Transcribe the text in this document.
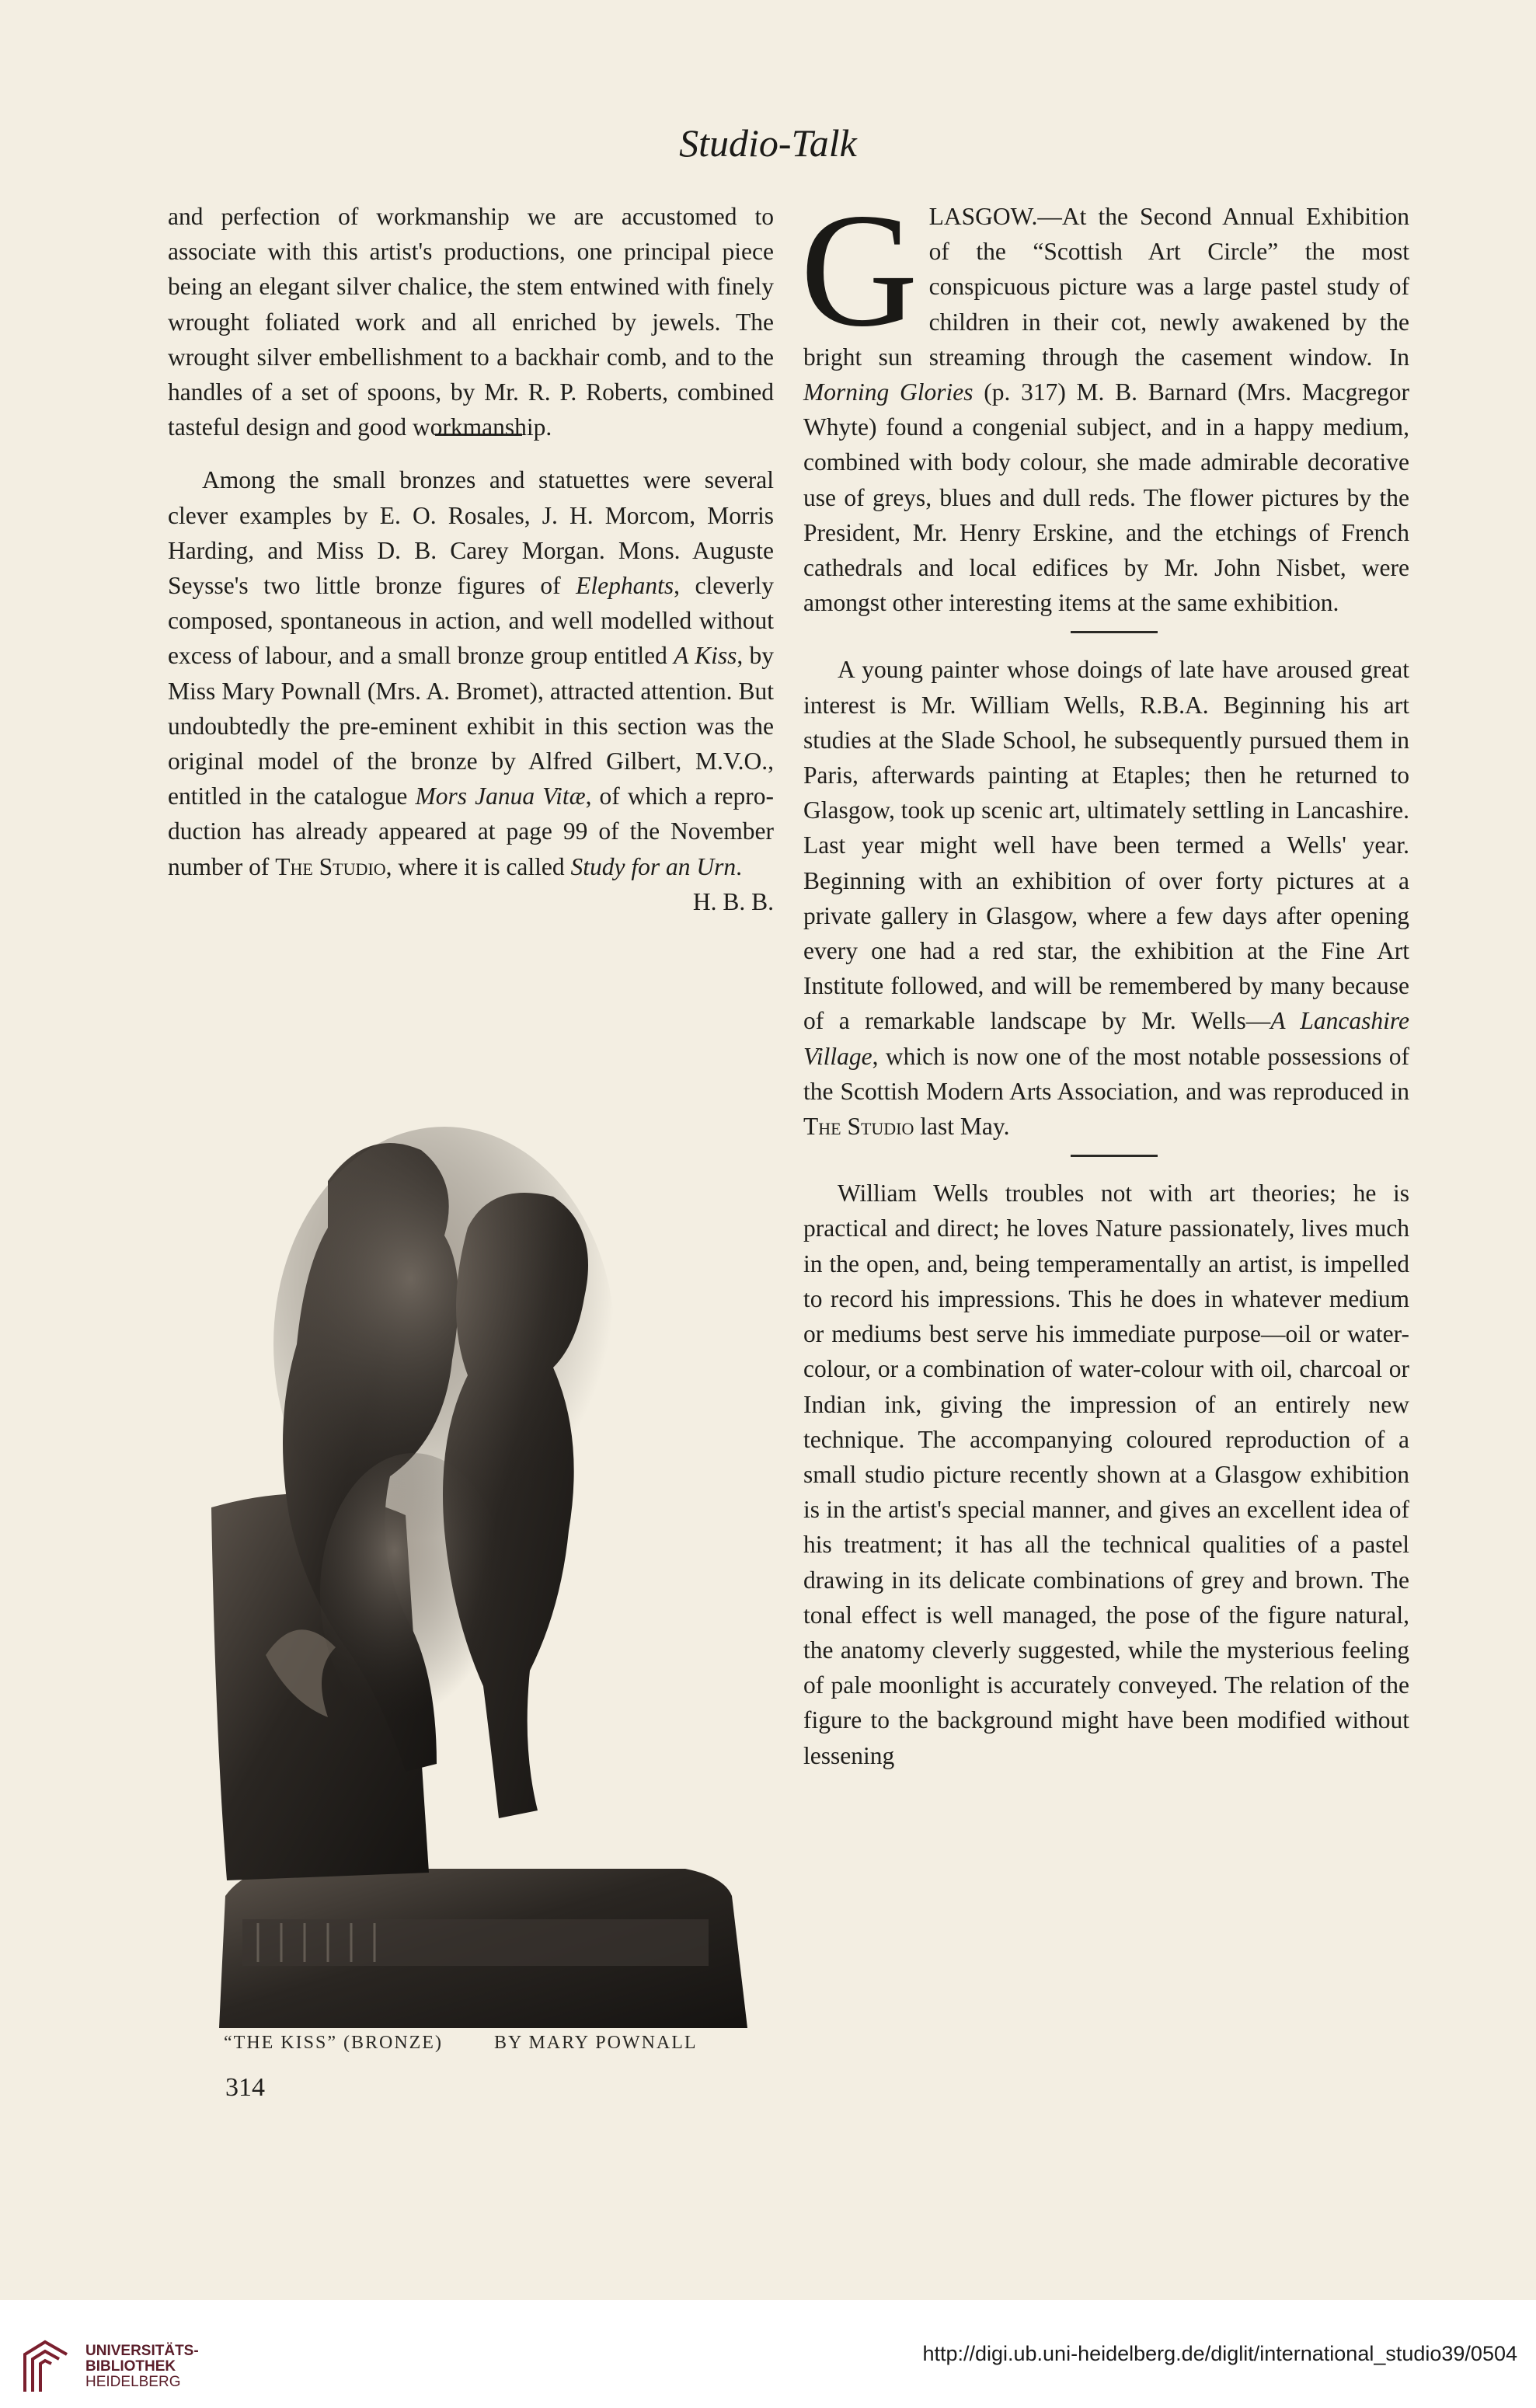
Studio-Talk

and perfection of workmanship we are accustomed to associate with this artist's productions, one principal piece being an elegant silver chalice, the stem entwined with finely wrought foliated work and all enriched by jewels. The wrought silver embellishment to a backhair comb, and to the handles of a set of spoons, by Mr. R. P. Roberts, combined tasteful design and good workmanship.

Among the small bronzes and statuettes were several clever examples by E. O. Rosales, J. H. Morcom, Morris Harding, and Miss D. B. Carey Morgan. Mons. Auguste Seysse's two little bronze figures of Elephants, cleverly composed, spontaneous in action, and well modelled without excess of labour, and a small bronze group entitled A Kiss, by Miss Mary Pownall (Mrs. A. Bromet), attracted attention. But undoubtedly the pre-eminent exhibit in this section was the original model of the bronze by Alfred Gilbert, M.V.O., entitled in the catalogue Mors Janua Vitæ, of which a reproduction has already appeared at page 99 of the November number of The Studio, where it is called Study for an Urn.
H. B. B.

“THE KISS” (BRONZE)	BY MARY POWNALL
314

GLASGOW.—At the Second Annual Exhibition of the “Scottish Art Circle” the most conspicuous picture was a large pastel study of children in their cot, newly awakened by the bright sun streaming through the casement window. In Morning Glories (p. 317) M. B. Barnard (Mrs. Macgregor Whyte) found a congenial subject, and in a happy medium, combined with body colour, she made admirable decorative use of greys, blues and dull reds. The flower pictures by the President, Mr. Henry Erskine, and the etchings of French cathedrals and local edifices by Mr. John Nisbet, were amongst other interesting items at the same exhibition.

A young painter whose doings of late have aroused great interest is Mr. William Wells, R.B.A. Beginning his art studies at the Slade School, he subsequently pursued them in Paris, afterwards painting at Etaples; then he returned to Glasgow, took up scenic art, ultimately settling in Lancashire. Last year might well have been termed a Wells' year. Beginning with an exhibition of over forty pictures at a private gallery in Glasgow, where a few days after opening every one had a red star, the exhibition at the Fine Art Institute followed, and will be remembered by many because of a remarkable landscape by Mr. Wells—A Lancashire Village, which is now one of the most notable possessions of the Scottish Modern Arts Association, and was reproduced in The Studio last May.

William Wells troubles not with art theories; he is practical and direct; he loves Nature passionately, lives much in the open, and, being temperamentally an artist, is impelled to record his impressions. This he does in whatever medium or mediums best serve his immediate purpose—oil or water-colour, or a combination of water-colour with oil, charcoal or Indian ink, giving the impression of an entirely new technique. The accompanying coloured reproduction of a small studio picture recently shown at a Glasgow exhibition is in the artist's special manner, and gives an excellent idea of his treatment; it has all the technical qualities of a pastel drawing in its delicate combinations of grey and brown. The tonal effect is well managed, the pose of the figure natural, the anatomy cleverly suggested, while the mysterious feeling of pale moonlight is accurately conveyed. The relation of the figure to the background might have been modified without lessening

UNIVERSITÄTS-
BIBLIOTHEK
HEIDELBERG
http://digi.ub.uni-heidelberg.de/diglit/international_studio39/0504
